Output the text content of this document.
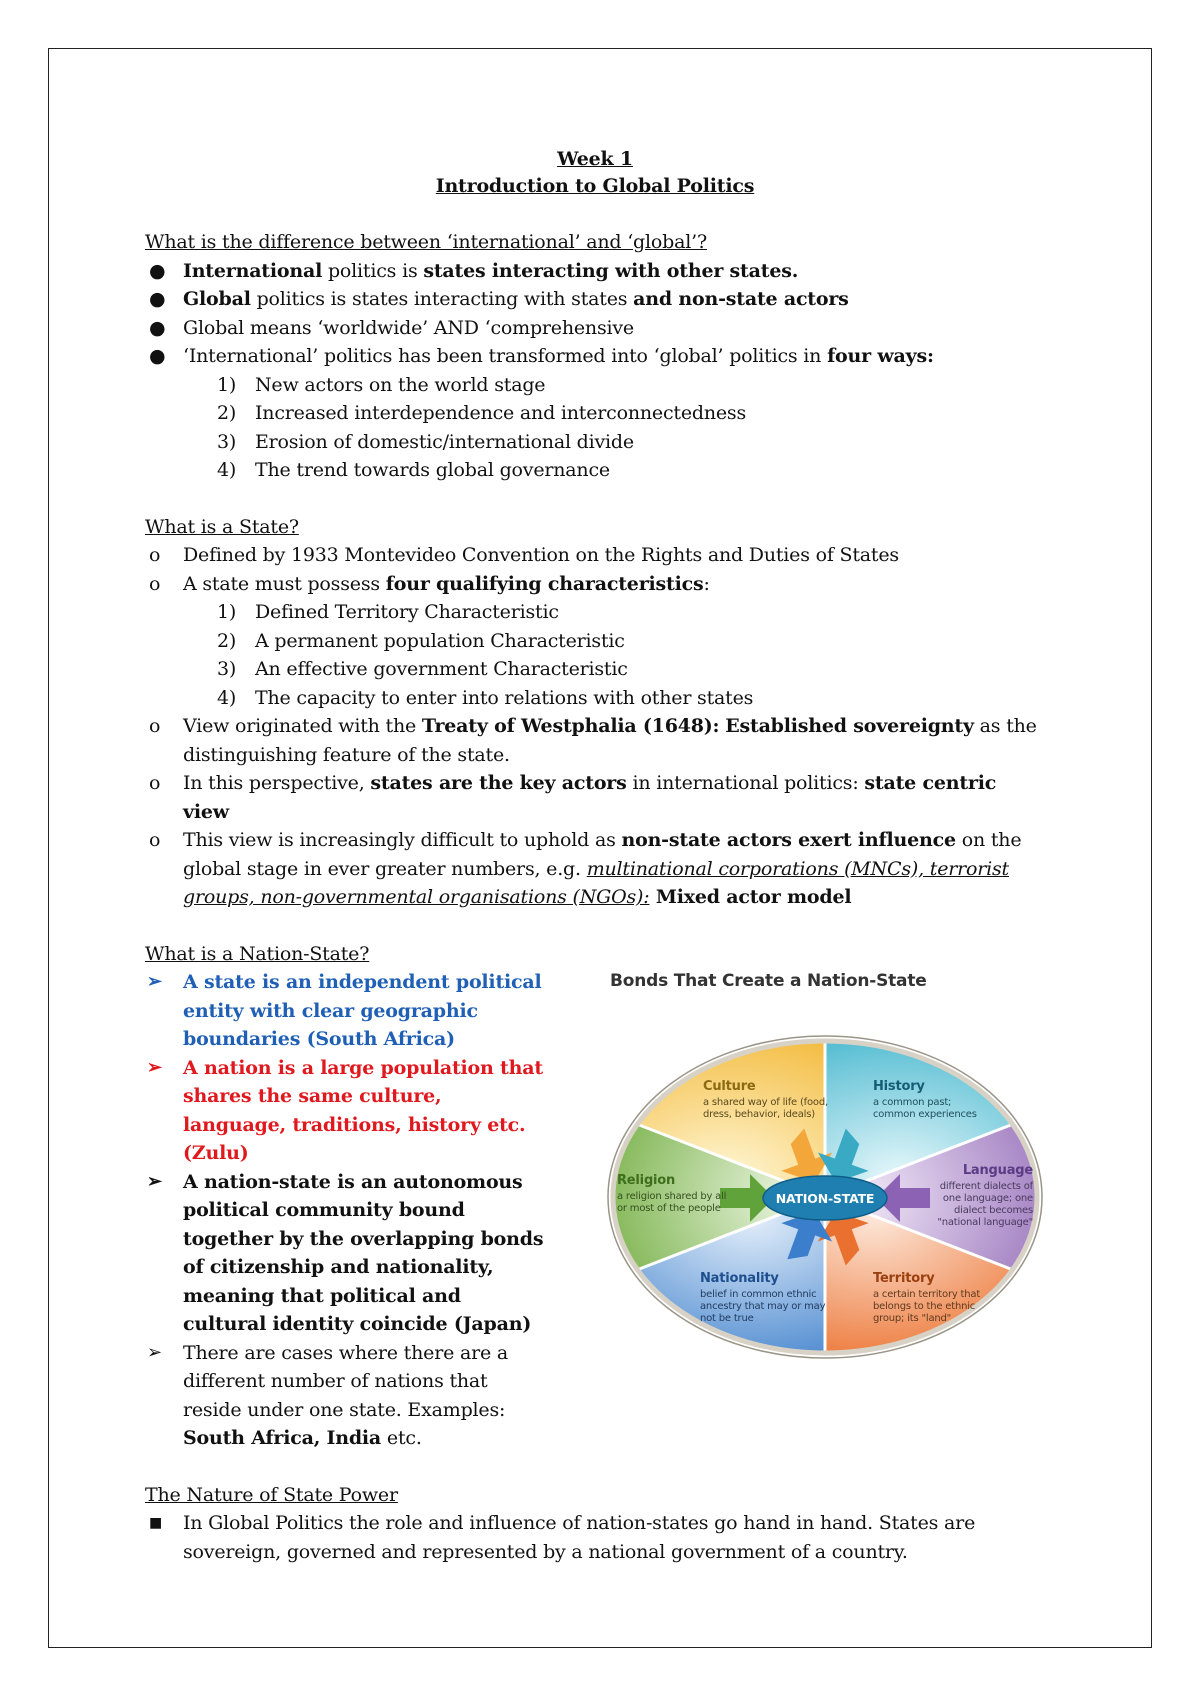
Week 1

Introduction to Global Politics

What is the difference between ‘international’ and ‘global’?

● International politics is states interacting with other states.
● Global politics is states interacting with states and non-state actors
● Global means ‘worldwide’ AND ‘comprehensive
● ‘International’ politics has been transformed into ‘global’ politics in four ways:
1) New actors on the world stage
2) Increased interdependence and interconnectedness
3) Erosion of domestic/international divide
4) The trend towards global governance

What is a State?

o Defined by 1933 Montevideo Convention on the Rights and Duties of States
o A state must possess four qualifying characteristics:
1) Defined Territory Characteristic
2) A permanent population Characteristic
3) An effective government Characteristic
4) The capacity to enter into relations with other states
o View originated with the Treaty of Westphalia (1648): Established sovereignty as the distinguishing feature of the state.
o In this perspective, states are the key actors in international politics: state centric view
o This view is increasingly difficult to uphold as non-state actors exert influence on the global stage in ever greater numbers, e.g. multinational corporations (MNCs), terrorist groups, non-governmental organisations (NGOs): Mixed actor model

What is a Nation-State?

➢ A state is an independent political entity with clear geographic boundaries (South Africa)
➢ A nation is a large population that shares the same culture, language, traditions, history etc. (Zulu)
➢ A nation-state is an autonomous political community bound together by the overlapping bonds of citizenship and nationality, meaning that political and cultural identity coincide (Japan)
➢ There are cases where there are a different number of nations that reside under one state. Examples: South Africa, India etc.
Bonds That Create a Nation-State
NATION-STATE
Culture
a shared way of life (food,
dress, behavior, ideals)
History
a common past;
common experiences
Language
different dialects of
one language; one
dialect becomes
"national language"
Territory
a certain territory that
belongs to the ethnic
group; its "land"
Nationality
belief in common ethnic
ancestry that may or may
not be true
Religion
a religion shared by all
or most of the people

The Nature of State Power

■ In Global Politics the role and influence of nation-states go hand in hand. States are sovereign, governed and represented by a national government of a country.
